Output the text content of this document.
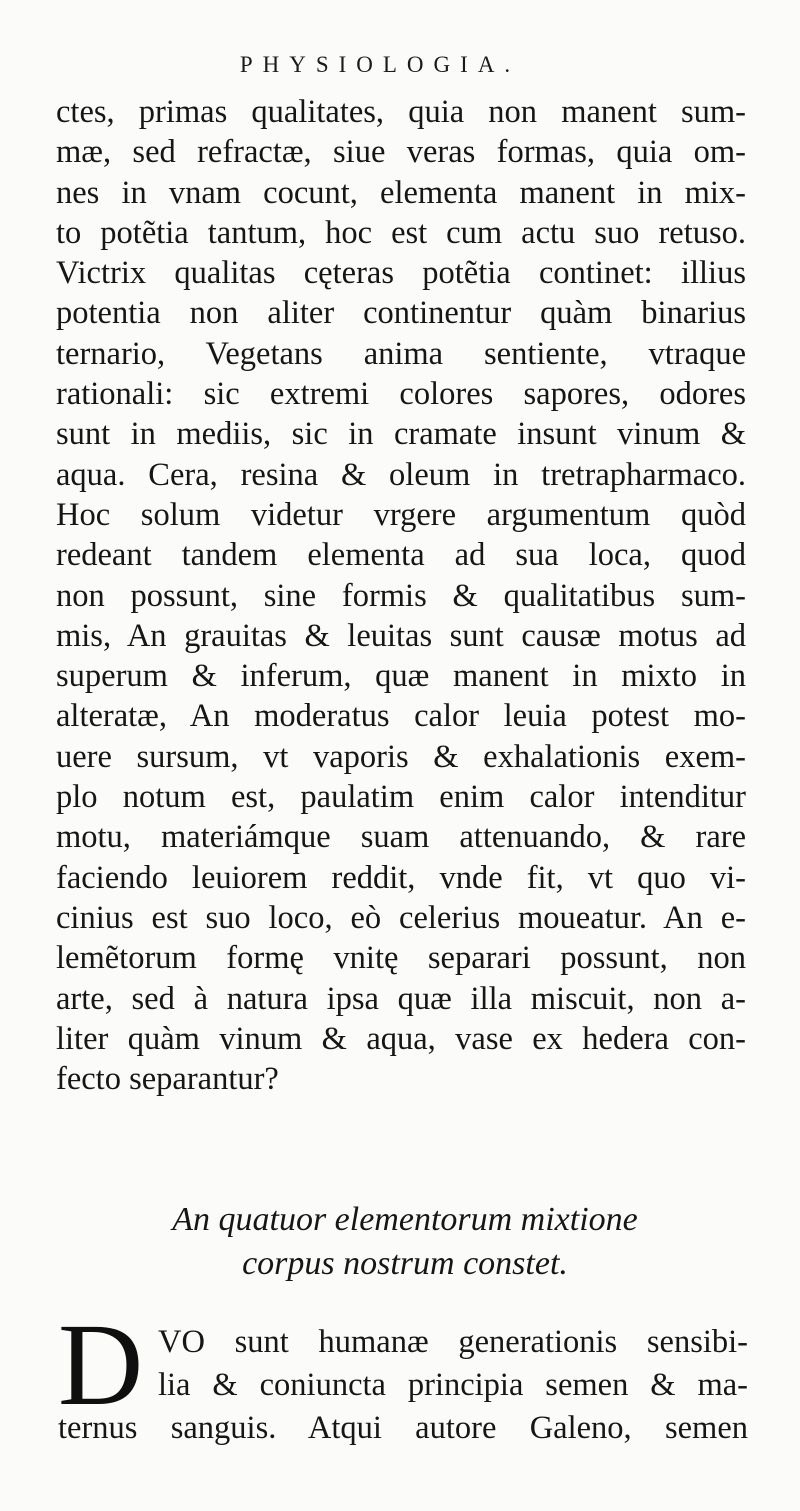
PHYSIOLOGIA.
ctes, primas qualitates, quia non manent sum-
mæ, sed refractæ, siue veras formas, quia om-
nes in vnam cocunt, elementa manent in mix-
to potẽtia tantum, hoc est cum actu suo retuso.
Victrix qualitas cęteras potẽtia continet: illius
potentia non aliter continentur quàm binarius
ternario, Vegetans anima sentiente, vtraque
rationali: sic extremi colores sapores, odores
sunt in mediis, sic in cramate insunt vinum &
aqua. Cera, resina & oleum in tretrapharmaco.
Hoc solum videtur vrgere argumentum quòd
redeant tandem elementa ad sua loca, quod
non possunt, sine formis & qualitatibus sum-
mis, An grauitas & leuitas sunt causæ motus ad
superum & inferum, quæ manent in mixto in
alteratæ, An moderatus calor leuia potest mo-
uere sursum, vt vaporis & exhalationis exem-
plo notum est, paulatim enim calor intenditur
motu, materiámque suam attenuando, & rare
faciendo leuiorem reddit, vnde fit, vt quo vi-
cinius est suo loco, eò celerius moueatur. An e-
lemẽtorum formę vnitę separari possunt, non
arte, sed à natura ipsa quæ illa miscuit, non a-
liter quàm vinum & aqua, vase ex hedera con-
fecto separantur?
An quatuor elementorum mixtione
corpus nostrum constet.
D VO sunt humanæ generationis sensibi-
lia & coniuncta principia semen & ma-
ternus sanguis. Atqui autore Galeno, semen
